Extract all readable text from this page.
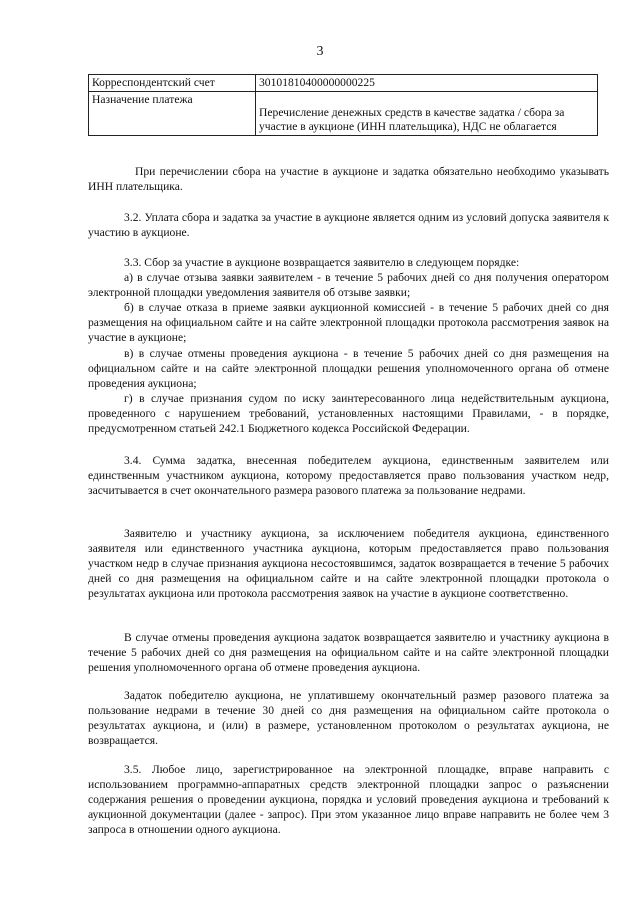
3
Корреспондентский счет	30101810400000000225
Назначение платежа	Перечисление денежных средств в качестве задатка / сбора за участие в аукционе (ИНН плательщика), НДС не облагается

При перечислении сбора на участие в аукционе и задатка обязательно необходимо указывать ИНН плательщика.

3.2. Уплата сбора и задатка за участие в аукционе является одним из условий допуска заявителя к участию в аукционе.

3.3. Сбор за участие в аукционе возвращается заявителю в следующем порядке:

а) в случае отзыва заявки заявителем - в течение 5 рабочих дней со дня получения оператором электронной площадки уведомления заявителя об отзыве заявки;

б) в случае отказа в приеме заявки аукционной комиссией - в течение 5 рабочих дней со дня размещения на официальном сайте и на сайте электронной площадки протокола рассмотрения заявок на участие в аукционе;

в) в случае отмены проведения аукциона - в течение 5 рабочих дней со дня размещения на официальном сайте и на сайте электронной площадки решения уполномоченного органа об отмене проведения аукциона;

г) в случае признания судом по иску заинтересованного лица недействительным аукциона, проведенного с нарушением требований, установленных настоящими Правилами, - в порядке, предусмотренном статьей 242.1 Бюджетного кодекса Российской Федерации.

3.4. Сумма задатка, внесенная победителем аукциона, единственным заявителем или единственным участником аукциона, которому предоставляется право пользования участком недр, засчитывается в счет окончательного размера разового платежа за пользование недрами.

Заявителю и участнику аукциона, за исключением победителя аукциона, единственного заявителя или единственного участника аукциона, которым предоставляется право пользования участком недр в случае признания аукциона несостоявшимся, задаток возвращается в течение 5 рабочих дней со дня размещения на официальном сайте и на сайте электронной площадки протокола о результатах аукциона или протокола рассмотрения заявок на участие в аукционе соответственно.

В случае отмены проведения аукциона задаток возвращается заявителю и участнику аукциона в течение 5 рабочих дней со дня размещения на официальном сайте и на сайте электронной площадки решения уполномоченного органа об отмене проведения аукциона.

Задаток победителю аукциона, не уплатившему окончательный размер разового платежа за пользование недрами в течение 30 дней со дня размещения на официальном сайте протокола о результатах аукциона, и (или) в размере, установленном протоколом о результатах аукциона, не возвращается.

3.5. Любое лицо, зарегистрированное на электронной площадке, вправе направить с использованием программно-аппаратных средств электронной площадки запрос о разъяснении содержания решения о проведении аукциона, порядка и условий проведения аукциона и требований к аукционной документации (далее - запрос). При этом указанное лицо вправе направить не более чем 3 запроса в отношении одного аукциона.
